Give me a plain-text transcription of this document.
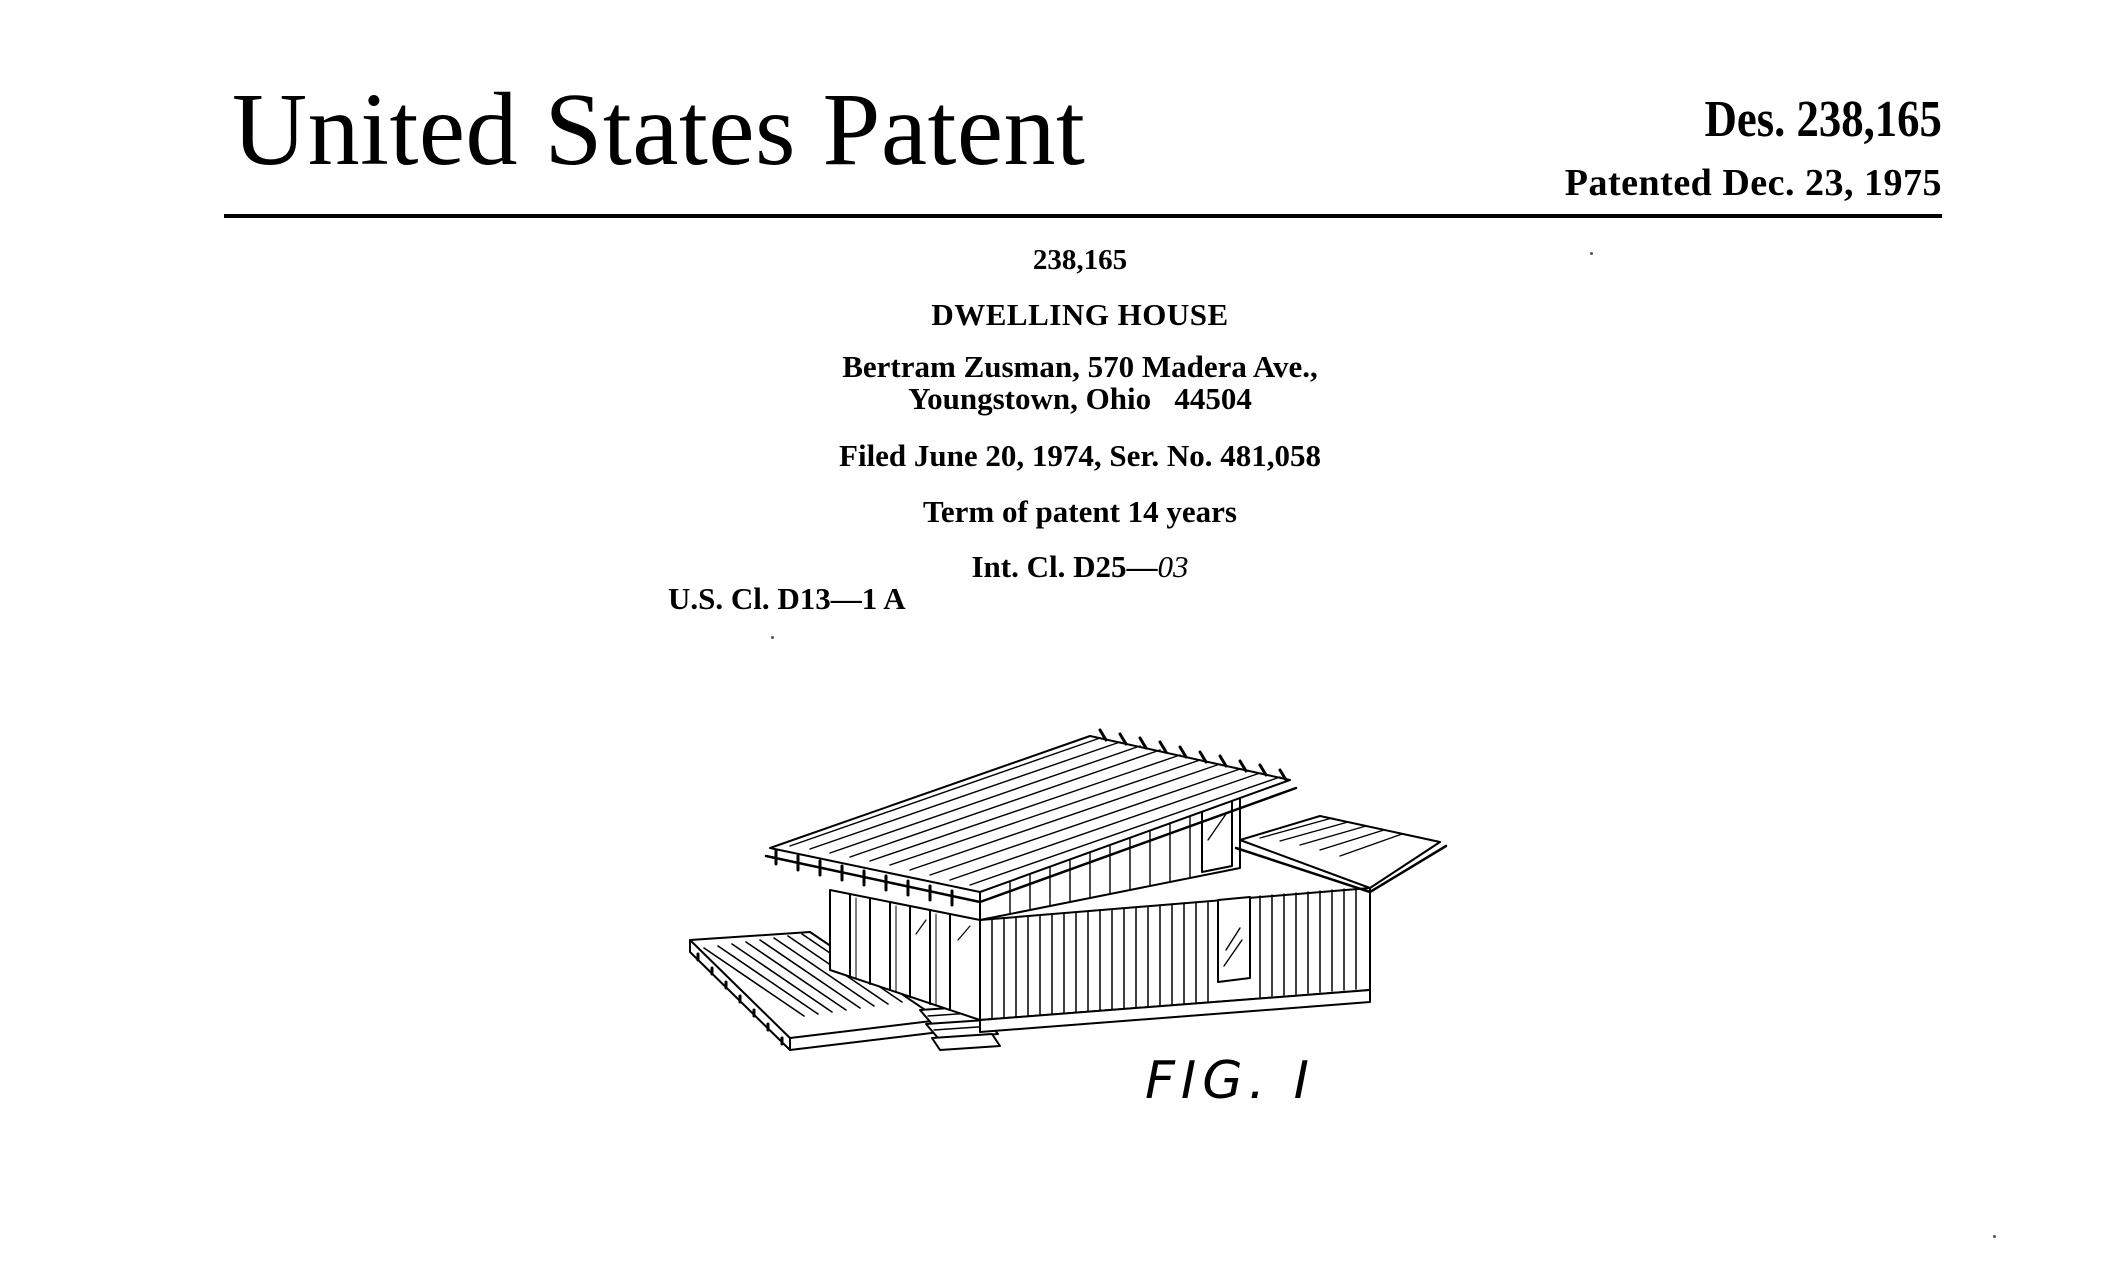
United States Patent	Des. 238,165
Patented Dec. 23, 1975
238,165
DWELLING HOUSE
Bertram Zusman, 570 Madera Ave.,
Youngstown, Ohio   44504
Filed June 20, 1974, Ser. No. 481,058
Term of patent 14 years
Int. Cl. D25—03
U.S. Cl. D13—1 A
FIG. I
